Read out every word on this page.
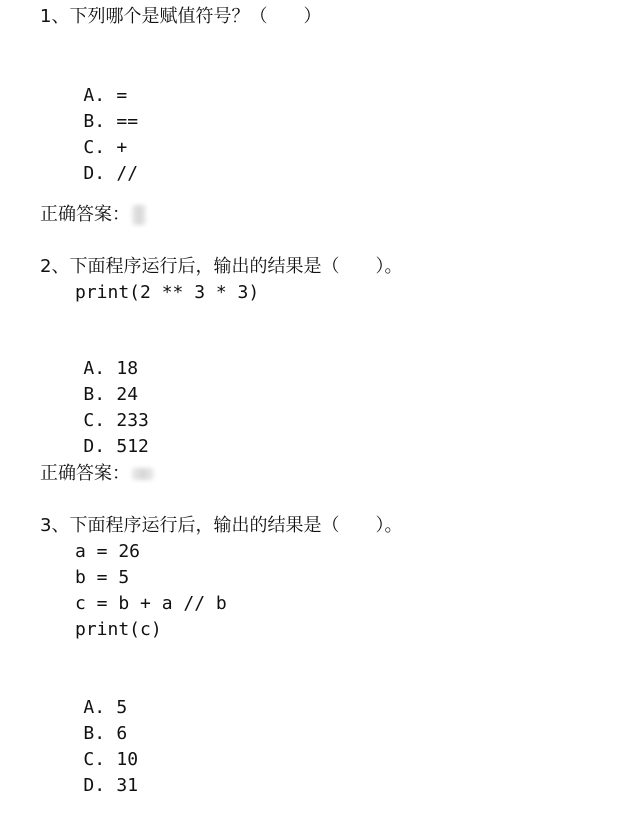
1、下列哪个是赋值符号？（　　）

A. =

B. ==

C. +

D. //

正确答案：
2、下面程序运行后，输出的结果是（　　）。
print(2 ** 3 * 3)

A. 18

B. 24

C. 233

D. 512

正确答案：
3、下面程序运行后，输出的结果是（　　）。
a = 26
b = 5
c = b + a // b
print(c)

A. 5

B. 6

C. 10

D. 31
